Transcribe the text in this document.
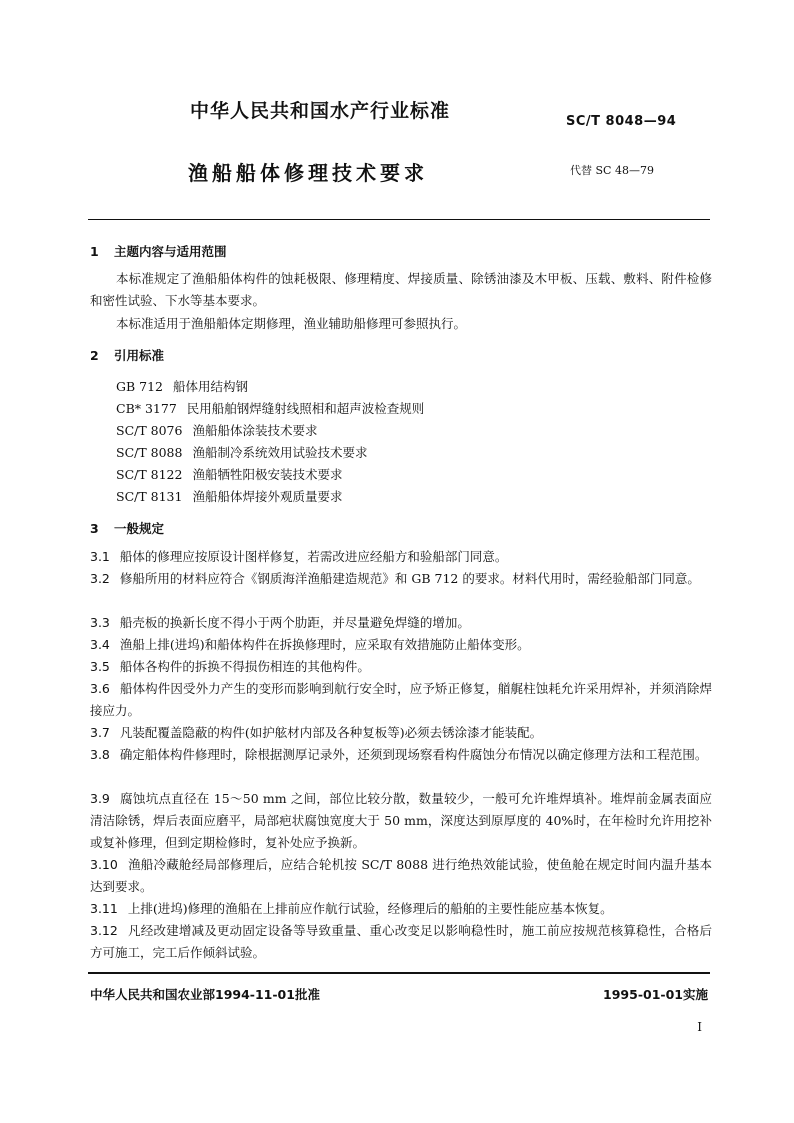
中华人民共和国水产行业标准	SC/T 8048—94
渔船船体修理技术要求	代替 SC 48—79
1 主题内容与适用范围
本标准规定了渔船船体构件的蚀耗极限、修理精度、焊接质量、除锈油漆及木甲板、压载、敷料、附件检修和密性试验、下水等基本要求。
本标准适用于渔船船体定期修理，渔业辅助船修理可参照执行。
2 引用标准
GB 712 船体用结构钢
CB* 3177 民用船舶钢焊缝射线照相和超声波检查规则
SC/T 8076 渔船船体涂装技术要求
SC/T 8088 渔船制冷系统效用试验技术要求
SC/T 8122 渔船牺牲阳极安装技术要求
SC/T 8131 渔船船体焊接外观质量要求
3 一般规定
3.1 船体的修理应按原设计图样修复，若需改进应经船方和验船部门同意。
3.2 修船所用的材料应符合《钢质海洋渔船建造规范》和 GB 712 的要求。材料代用时，需经验船部门同意。
3.3 船壳板的换新长度不得小于两个肋距，并尽量避免焊缝的增加。
3.4 渔船上排(进坞)和船体构件在拆换修理时，应采取有效措施防止船体变形。
3.5 船体各构件的拆换不得损伤相连的其他构件。
3.6 船体构件因受外力产生的变形而影响到航行安全时，应予矫正修复，艏艉柱蚀耗允许采用焊补，并须消除焊接应力。
3.7 凡装配覆盖隐蔽的构件(如护舷材内部及各种复板等)必须去锈涂漆才能装配。
3.8 确定船体构件修理时，除根据测厚记录外，还须到现场察看构件腐蚀分布情况以确定修理方法和工程范围。
3.9 腐蚀坑点直径在 15～50 mm 之间，部位比较分散，数量较少，一般可允许堆焊填补。堆焊前金属表面应清洁除锈，焊后表面应磨平，局部疤状腐蚀宽度大于 50 mm，深度达到原厚度的 40%时，在年检时允许用挖补或复补修理，但到定期检修时，复补处应予换新。
3.10 渔船冷藏舱经局部修理后，应结合轮机按 SC/T 8088 进行绝热效能试验，使鱼舱在规定时间内温升基本达到要求。
3.11 上排(进坞)修理的渔船在上排前应作航行试验，经修理后的船舶的主要性能应基本恢复。
3.12 凡经改建增减及更动固定设备等导致重量、重心改变足以影响稳性时，施工前应按规范核算稳性，合格后方可施工，完工后作倾斜试验。
中华人民共和国农业部1994-11-01批准	1995-01-01实施
I
